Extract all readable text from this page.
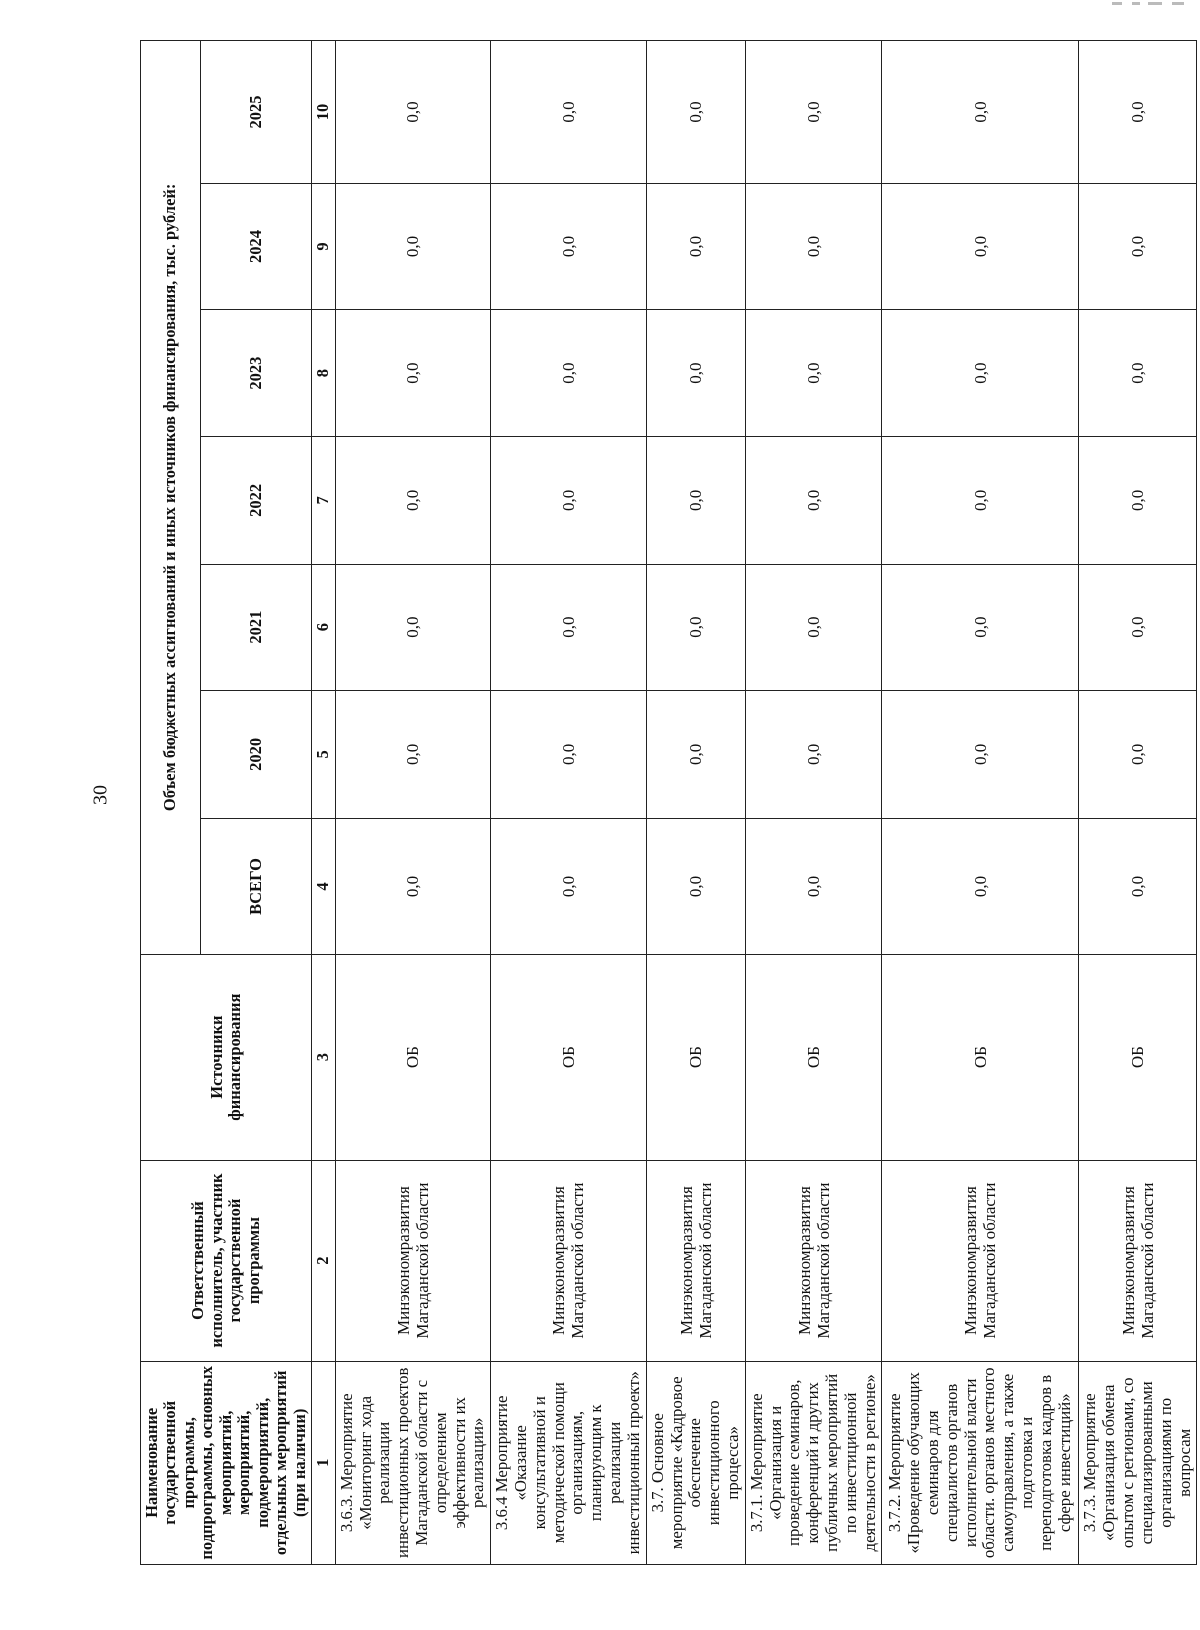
30
Наименование государственной программы, подпрограммы, основных мероприятий, мероприятий, подмероприятий, отдельных мероприятий (при наличии)	Ответственный исполнитель, участник государственной программы	Источники финансирования	Объем бюджетных ассигнований и иных источников финансирования, тыс. рублей:						
			ВСЕГО	2020	2021	2022	2023	2024	2025
1	2	3	4	5	6	7	8	9	10
3.6.3. Мероприятие «Мониторинг хода реализации инвестиционных проектов Магаданской области с определением эффективности их реализации»	Минэкономразвития Магаданской области	ОБ	0,0	0,0	0,0	0,0	0,0	0,0	0,0
3.6.4 Мероприятие «Оказание консультативной и методической помощи организациям, планирующим к реализации инвестиционный проект»	Минэкономразвития Магаданской области	ОБ	0,0	0,0	0,0	0,0	0,0	0,0	0,0
3.7. Основное мероприятие «Кадровое обеспечение инвестиционного процесса»	Минэкономразвития Магаданской области	ОБ	0,0	0,0	0,0	0,0	0,0	0,0	0,0
3.7.1. Мероприятие «Организация и проведение семинаров, конференций и других публичных мероприятий по инвестиционной деятельности в регионе»	Минэкономразвития Магаданской области	ОБ	0,0	0,0	0,0	0,0	0,0	0,0	0,0
3.7.2. Мероприятие «Проведение обучающих семинаров для специалистов органов исполнительной власти области. органов местного самоуправления, а также подготовка и переподготовка кадров в сфере инвестиций»	Минэкономразвития Магаданской области	ОБ	0,0	0,0	0,0	0,0	0,0	0,0	0,0
3.7.3. Мероприятие «Организация обмена опытом с регионами, со специализированными организациями по вопросам	Минэкономразвития Магаданской области	ОБ	0,0	0,0	0,0	0,0	0,0	0,0	0,0
